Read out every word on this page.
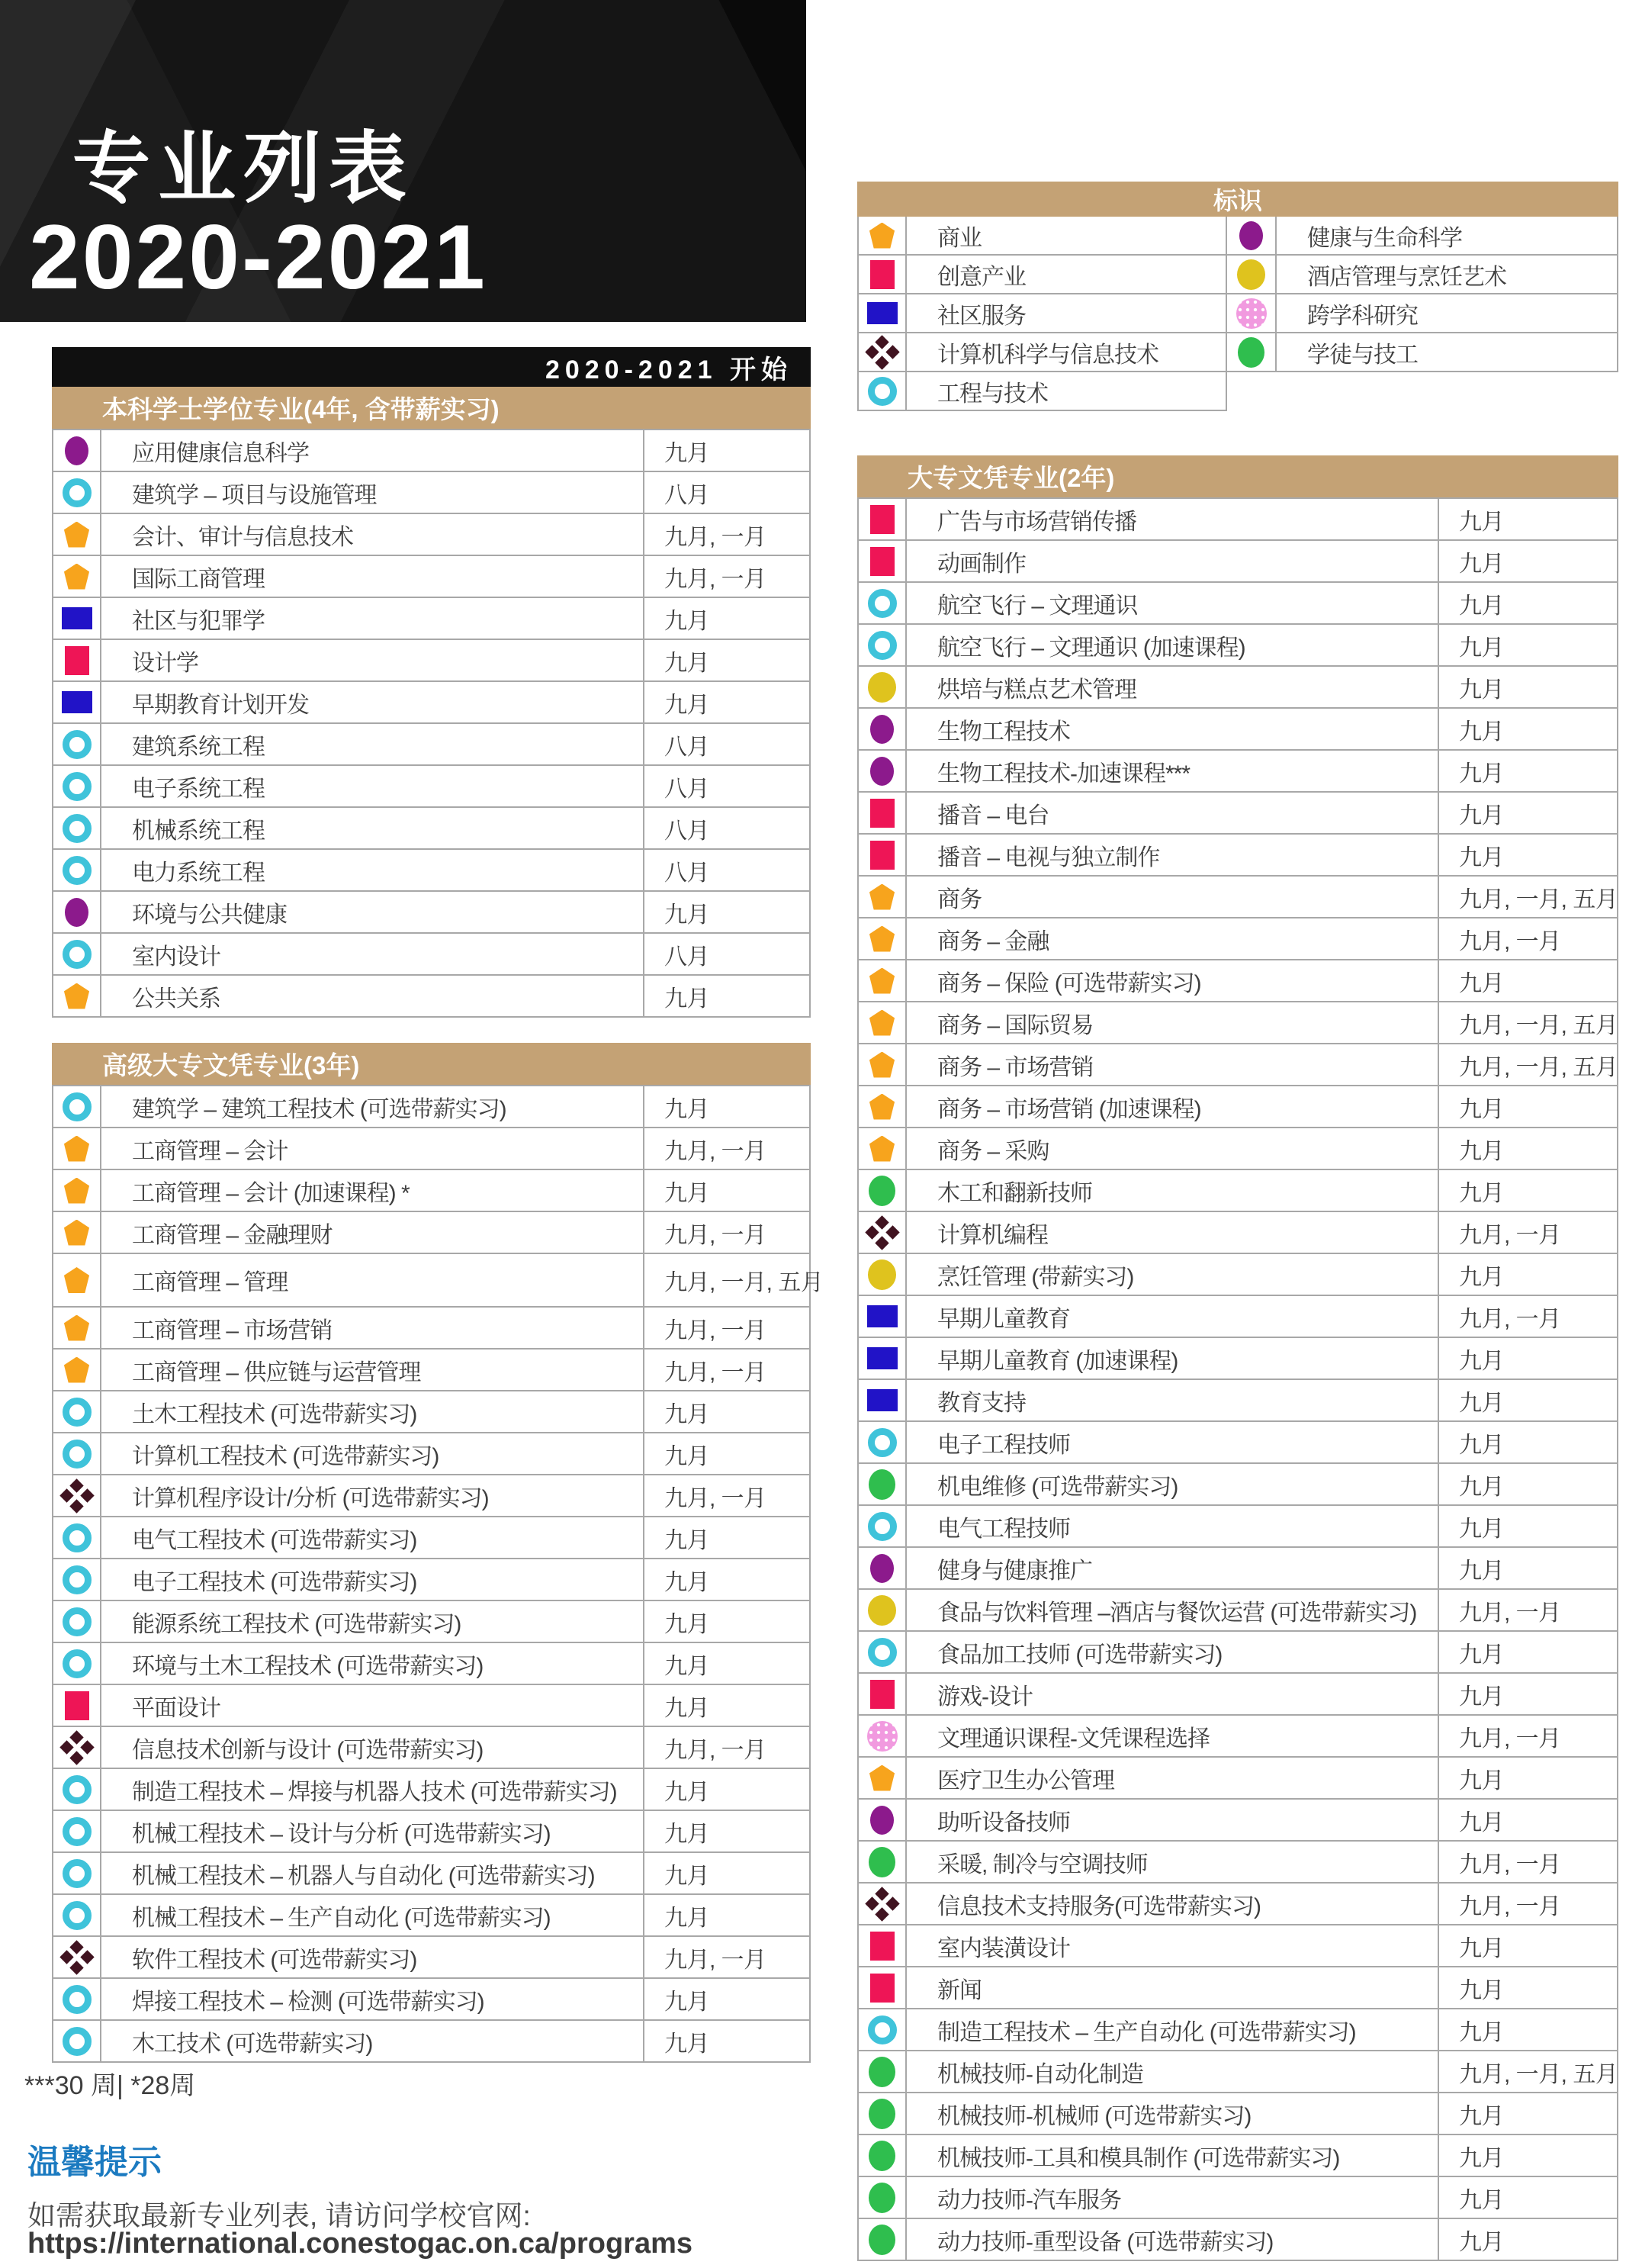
专业列表
2020-2021
2020-2021 开始
本科学士学位专业(4年, 含带薪实习)
应用健康信息科学	九月
建筑学 – 项目与设施管理	八月
会计、审计与信息技术	九月, 一月
国际工商管理	九月, 一月
社区与犯罪学	九月
设计学	九月
早期教育计划开发	九月
建筑系统工程	八月
电子系统工程	八月
机械系统工程	八月
电力系统工程	八月
环境与公共健康	九月
室内设计	八月
公共关系	九月
高级大专文凭专业(3年)
建筑学 – 建筑工程技术 (可选带薪实习)	九月
工商管理 – 会计	九月, 一月
工商管理 – 会计 (加速课程) *	九月
工商管理 – 金融理财	九月, 一月
工商管理 – 管理	九月, 一月, 五月
工商管理 – 市场营销	九月, 一月
工商管理 – 供应链与运营管理	九月, 一月
土木工程技术 (可选带薪实习)	九月
计算机工程技术 (可选带薪实习)	九月
计算机程序设计/分析 (可选带薪实习)	九月, 一月
电气工程技术 (可选带薪实习)	九月
电子工程技术 (可选带薪实习)	九月
能源系统工程技术 (可选带薪实习)	九月
环境与土木工程技术 (可选带薪实习)	九月
平面设计	九月
信息技术创新与设计 (可选带薪实习)	九月, 一月
制造工程技术 – 焊接与机器人技术 (可选带薪实习)	九月
机械工程技术 – 设计与分析 (可选带薪实习)	九月
机械工程技术 – 机器人与自动化 (可选带薪实习)	九月
机械工程技术 – 生产自动化 (可选带薪实习)	九月
软件工程技术 (可选带薪实习)	九月, 一月
焊接工程技术 – 检测 (可选带薪实习)	九月
木工技术 (可选带薪实习)	九月
标识
商业	健康与生命科学
创意产业	酒店管理与烹饪艺术
社区服务	跨学科研究
计算机科学与信息技术	学徒与技工
工程与技术
大专文凭专业(2年)
广告与市场营销传播	九月
动画制作	九月
航空飞行 – 文理通识	九月
航空飞行 – 文理通识 (加速课程)	九月
烘培与糕点艺术管理	九月
生物工程技术	九月
生物工程技术-加速课程***	九月
播音 – 电台	九月
播音 – 电视与独立制作	九月
商务	九月, 一月, 五月
商务 – 金融	九月, 一月
商务 – 保险 (可选带薪实习)	九月
商务 – 国际贸易	九月, 一月, 五月
商务 – 市场营销	九月, 一月, 五月
商务 – 市场营销 (加速课程)	九月
商务 – 采购	九月
木工和翻新技师	九月
计算机编程	九月, 一月
烹饪管理 (带薪实习)	九月
早期儿童教育	九月, 一月
早期儿童教育 (加速课程)	九月
教育支持	九月
电子工程技师	九月
机电维修 (可选带薪实习)	九月
电气工程技师	九月
健身与健康推广	九月
食品与饮料管理 –酒店与餐饮运营 (可选带薪实习)	九月, 一月
食品加工技师 (可选带薪实习)	九月
游戏-设计	九月
文理通识课程-文凭课程选择	九月, 一月
医疗卫生办公管理	九月
助听设备技师	九月
采暖, 制冷与空调技师	九月, 一月
信息技术支持服务(可选带薪实习)	九月, 一月
室内装潢设计	九月
新闻	九月
制造工程技术 – 生产自动化 (可选带薪实习)	九月
机械技师-自动化制造	九月, 一月, 五月
机械技师-机械师 (可选带薪实习)	九月
机械技师-工具和模具制作 (可选带薪实习)	九月
动力技师-汽车服务	九月
动力技师-重型设备 (可选带薪实习)	九月
***30 周| *28周
温馨提示
如需获取最新专业列表, 请访问学校官网:
https://international.conestogac.on.ca/programs
